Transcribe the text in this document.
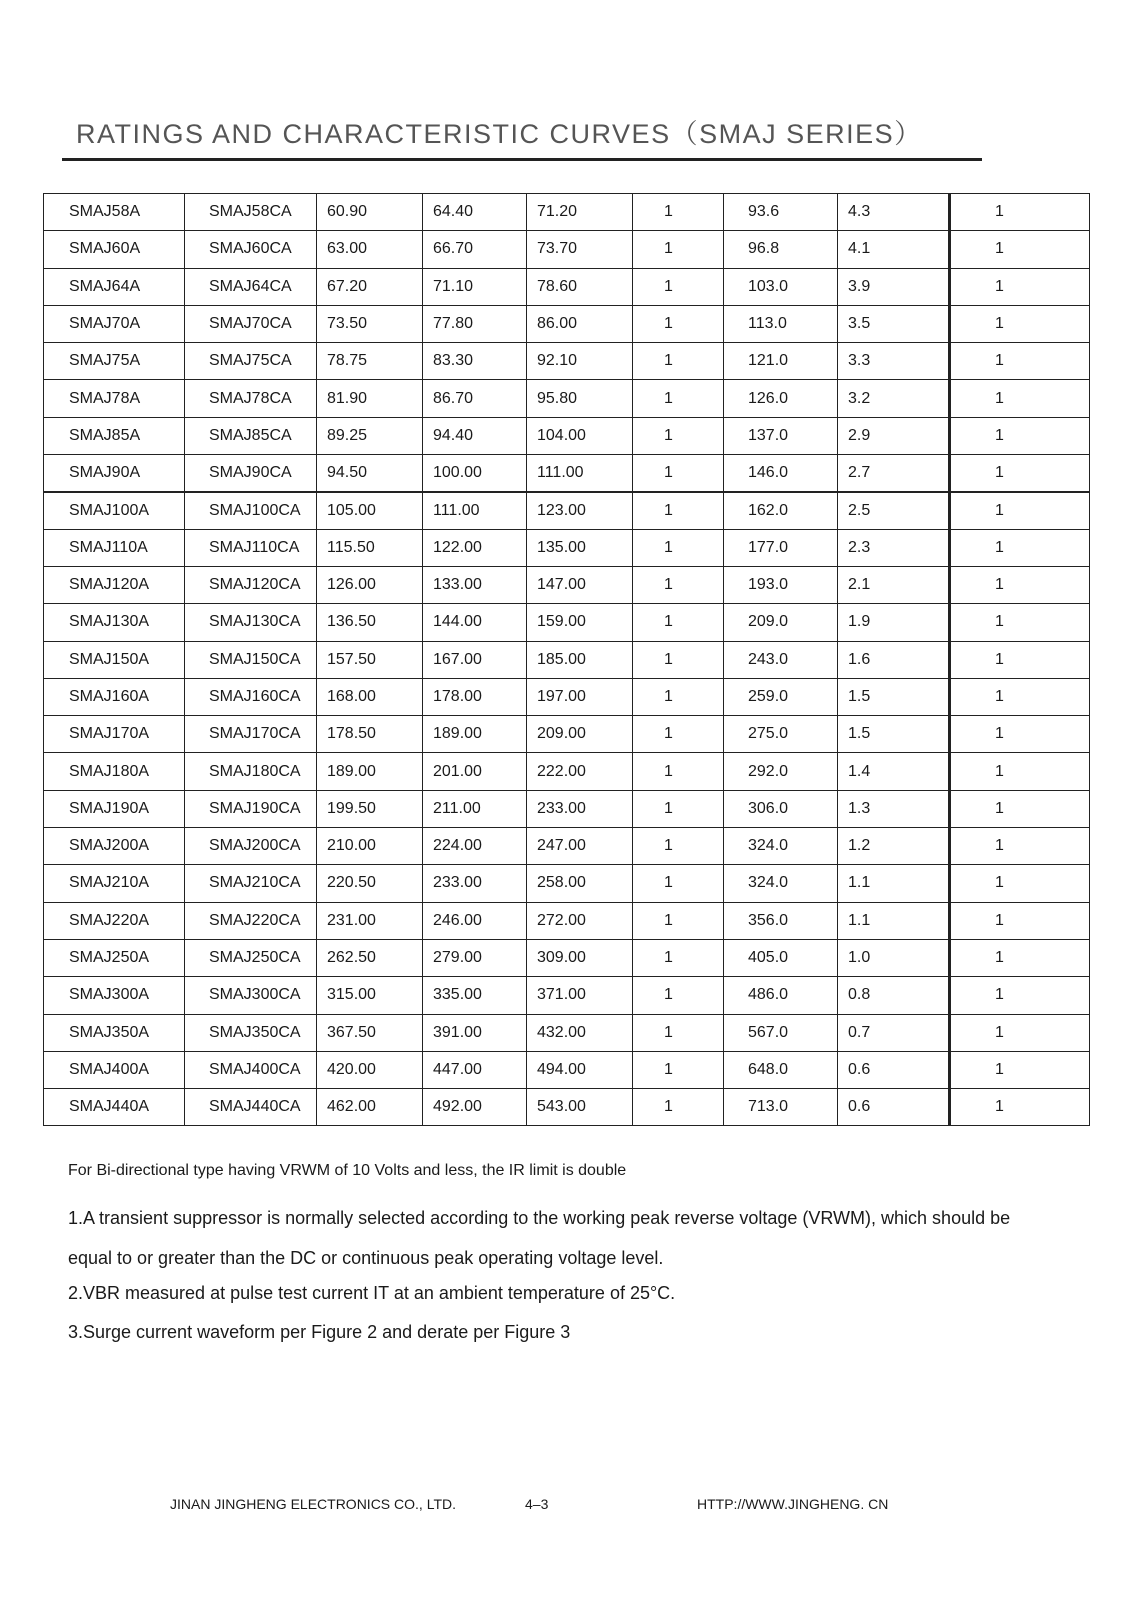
RATINGS AND CHARACTERISTIC CURVES（SMAJ SERIES）
SMAJ58A	SMAJ58CA	60.90	64.40	71.20	1	93.6	4.3	1
SMAJ60A	SMAJ60CA	63.00	66.70	73.70	1	96.8	4.1	1
SMAJ64A	SMAJ64CA	67.20	71.10	78.60	1	103.0	3.9	1
SMAJ70A	SMAJ70CA	73.50	77.80	86.00	1	113.0	3.5	1
SMAJ75A	SMAJ75CA	78.75	83.30	92.10	1	121.0	3.3	1
SMAJ78A	SMAJ78CA	81.90	86.70	95.80	1	126.0	3.2	1
SMAJ85A	SMAJ85CA	89.25	94.40	104.00	1	137.0	2.9	1
SMAJ90A	SMAJ90CA	94.50	100.00	111.00	1	146.0	2.7	1
SMAJ100A	SMAJ100CA	105.00	111.00	123.00	1	162.0	2.5	1
SMAJ110A	SMAJ110CA	115.50	122.00	135.00	1	177.0	2.3	1
SMAJ120A	SMAJ120CA	126.00	133.00	147.00	1	193.0	2.1	1
SMAJ130A	SMAJ130CA	136.50	144.00	159.00	1	209.0	1.9	1
SMAJ150A	SMAJ150CA	157.50	167.00	185.00	1	243.0	1.6	1
SMAJ160A	SMAJ160CA	168.00	178.00	197.00	1	259.0	1.5	1
SMAJ170A	SMAJ170CA	178.50	189.00	209.00	1	275.0	1.5	1
SMAJ180A	SMAJ180CA	189.00	201.00	222.00	1	292.0	1.4	1
SMAJ190A	SMAJ190CA	199.50	211.00	233.00	1	306.0	1.3	1
SMAJ200A	SMAJ200CA	210.00	224.00	247.00	1	324.0	1.2	1
SMAJ210A	SMAJ210CA	220.50	233.00	258.00	1	324.0	1.1	1
SMAJ220A	SMAJ220CA	231.00	246.00	272.00	1	356.0	1.1	1
SMAJ250A	SMAJ250CA	262.50	279.00	309.00	1	405.0	1.0	1
SMAJ300A	SMAJ300CA	315.00	335.00	371.00	1	486.0	0.8	1
SMAJ350A	SMAJ350CA	367.50	391.00	432.00	1	567.0	0.7	1
SMAJ400A	SMAJ400CA	420.00	447.00	494.00	1	648.0	0.6	1
SMAJ440A	SMAJ440CA	462.00	492.00	543.00	1	713.0	0.6	1

For Bi-directional type having VRWM of 10 Volts and less, the IR limit is double

1.A transient suppressor is normally selected according to the working peak reverse voltage (VRWM), which should be

equal to or greater than the DC or continuous peak operating voltage level.

2.VBR measured at pulse test current IT at an ambient temperature of 25°C.

3.Surge current waveform per Figure 2 and derate per Figure 3

JINAN JINGHENG ELECTRONICS CO., LTD.	4–3	HTTP://WWW.JINGHENG. CN
